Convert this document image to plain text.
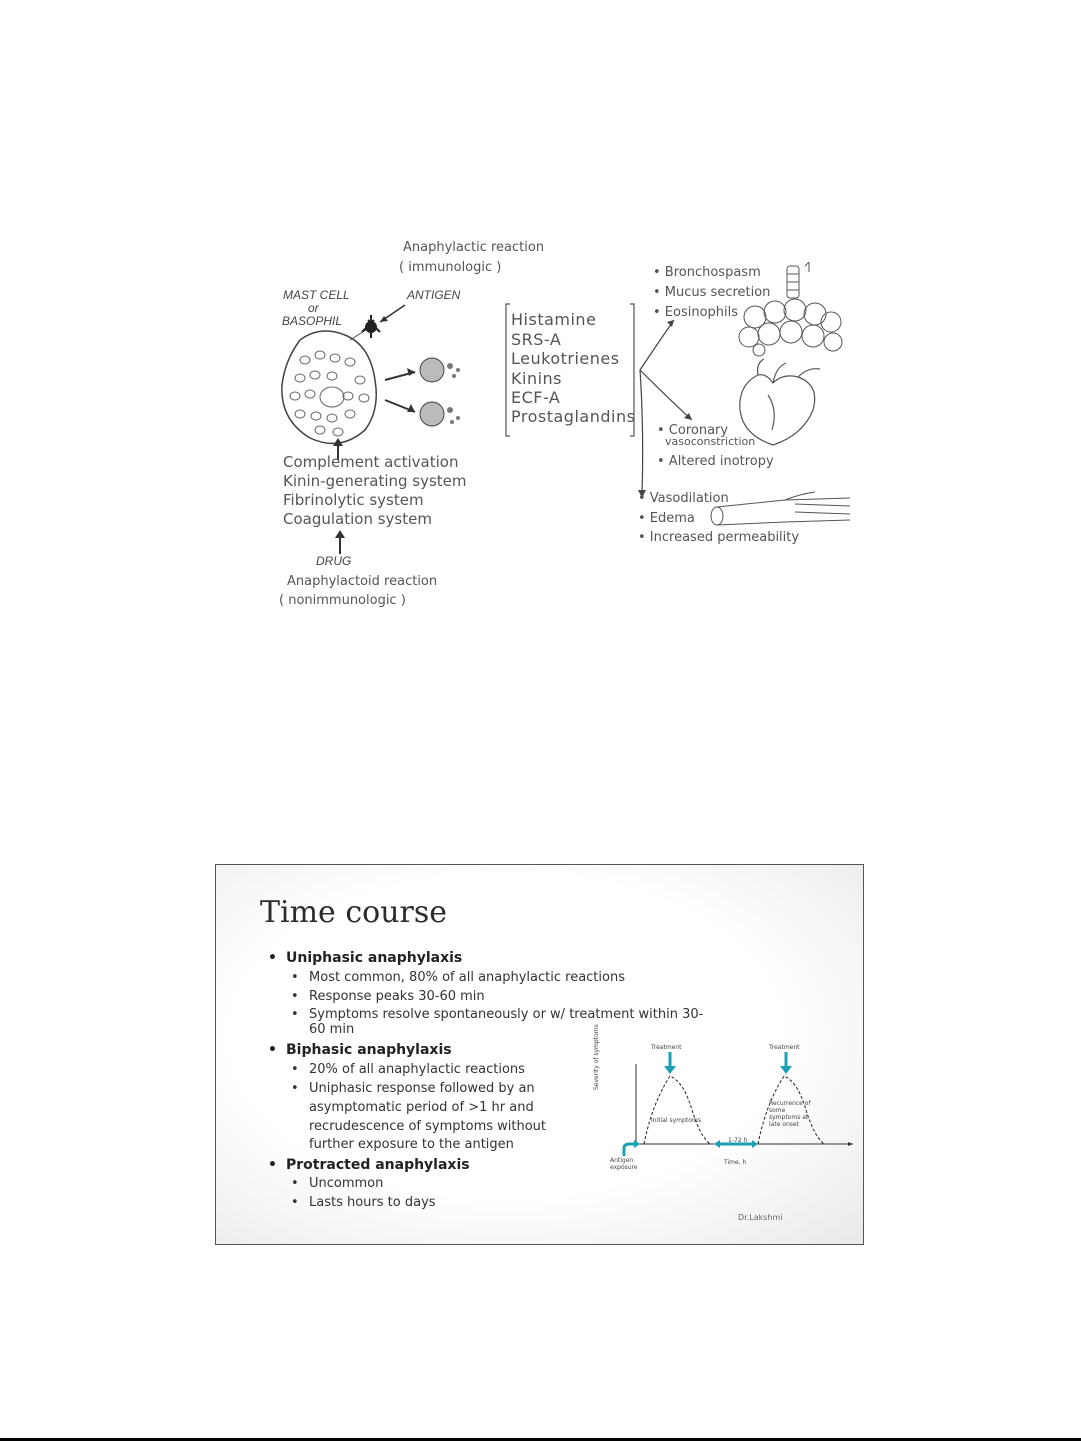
Anaphylactic reaction
( immunologic )
MAST CELL
or
BASOPHIL
ANTIGEN
Complement activation
Kinin-generating system
Fibrinolytic system
Coagulation system
DRUG
Anaphylactoid reaction
( nonimmunologic )
Histamine
SRS-A
Leukotrienes
Kinins
ECF-A
Prostaglandins
• Bronchospasm
• Mucus secretion
• Eosinophils
• Coronary
vasoconstriction
• Altered inotropy
• Vasodilation
• Edema
• Increased permeability
Time course
• Uniphasic anaphylaxis
• Most common, 80% of all anaphylactic reactions
• Response peaks 30-60 min
• Symptoms resolve spontaneously or w/ treatment within 30-
60 min
• Biphasic anaphylaxis
• 20% of all anaphylactic reactions
• Uniphasic response followed by an
asymptomatic period of >1 hr and
recrudescence of symptoms without
further exposure to the antigen
• Protracted anaphylaxis
• Uncommon
• Lasts hours to days
Treatment	Treatment
Severity of symptoms
Initial symptoms
Recurrence of some symptoms at late onset
Antigen exposure
1-72 h
Time, h
Dr.Lakshmi
